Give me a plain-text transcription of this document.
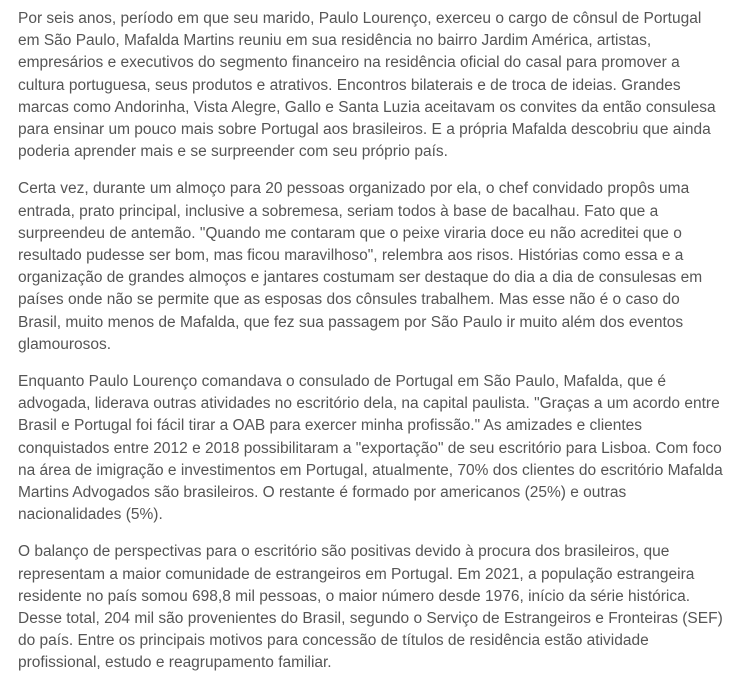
Por seis anos, período em que seu marido, Paulo Lourenço, exerceu o cargo de cônsul de Portugal em São Paulo, Mafalda Martins reuniu em sua residência no bairro Jardim América, artistas, empresários e executivos do segmento financeiro na residência oficial do casal para promover a cultura portuguesa, seus produtos e atrativos. Encontros bilaterais e de troca de ideias. Grandes marcas como Andorinha, Vista Alegre, Gallo e Santa Luzia aceitavam os convites da então consulesa para ensinar um pouco mais sobre Portugal aos brasileiros. E a própria Mafalda descobriu que ainda poderia aprender mais e se surpreender com seu próprio país.

Certa vez, durante um almoço para 20 pessoas organizado por ela, o chef convidado propôs uma entrada, prato principal, inclusive a sobremesa, seriam todos à base de bacalhau. Fato que a surpreendeu de antemão. "Quando me contaram que o peixe viraria doce eu não acreditei que o resultado pudesse ser bom, mas ficou maravilhoso", relembra aos risos. Histórias como essa e a organização de grandes almoços e jantares costumam ser destaque do dia a dia de consulesas em países onde não se permite que as esposas dos cônsules trabalhem. Mas esse não é o caso do Brasil, muito menos de Mafalda, que fez sua passagem por São Paulo ir muito além dos eventos glamourosos.

Enquanto Paulo Lourenço comandava o consulado de Portugal em São Paulo, Mafalda, que é advogada, liderava outras atividades no escritório dela, na capital paulista. "Graças a um acordo entre Brasil e Portugal foi fácil tirar a OAB para exercer minha profissão." As amizades e clientes conquistados entre 2012 e 2018 possibilitaram a "exportação" de seu escritório para Lisboa. Com foco na área de imigração e investimentos em Portugal, atualmente, 70% dos clientes do escritório Mafalda Martins Advogados são brasileiros. O restante é formado por americanos (25%) e outras nacionalidades (5%).

O balanço de perspectivas para o escritório são positivas devido à procura dos brasileiros, que representam a maior comunidade de estrangeiros em Portugal. Em 2021, a população estrangeira residente no país somou 698,8 mil pessoas, o maior número desde 1976, início da série histórica. Desse total, 204 mil são provenientes do Brasil, segundo o Serviço de Estrangeiros e Fronteiras (SEF) do país. Entre os principais motivos para concessão de títulos de residência estão atividade profissional, estudo e reagrupamento familiar.
